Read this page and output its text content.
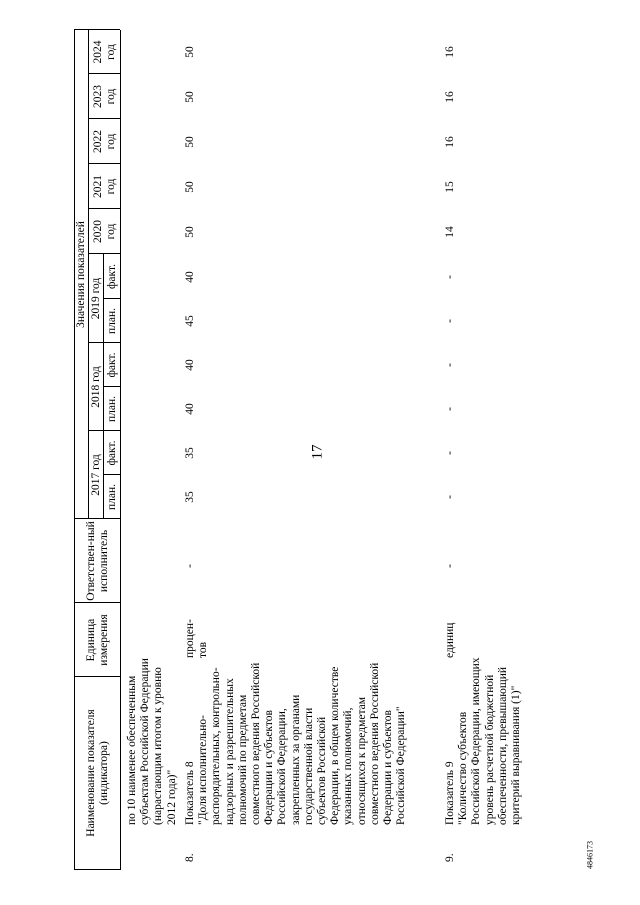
17
4846173
Наименование показателя (индикатора)
Единица измерения
Ответствен-ный исполнитель
Значения показателей
2017 год
2018 год
2019 год
план.
факт.
план.
факт.
план.
факт.
2020 год
2021 год
2022 год
2023 год
2024 год
по 10 наименее обеспеченным субъектам Российской Федерации (нарастающим итогом к уровню 2012 года)"
8.
Показатель 8 "Доля исполнительно- распорядительных, контрольно- надзорных и разрешительных полномочий по предметам совместного ведения Российской Федерации и субъектов Российской Федерации, закрепленных за органами государственной власти субъектов Российской Федерации, в общем количестве указанных полномочий, относящихся к предметам совместного ведения Российской Федерации и субъектов Российской Федерации"
процен- тов
-
35
35
40
40
45
40
50
50
50
50
50
9.
Показатель 9 "Количество субъектов Российской Федерации, имеющих уровень расчетной бюджетной обеспеченности, превышающий критерий выравнивания (1)"
единиц
-
-
-
-
-
-
-
14
15
16
16
16
